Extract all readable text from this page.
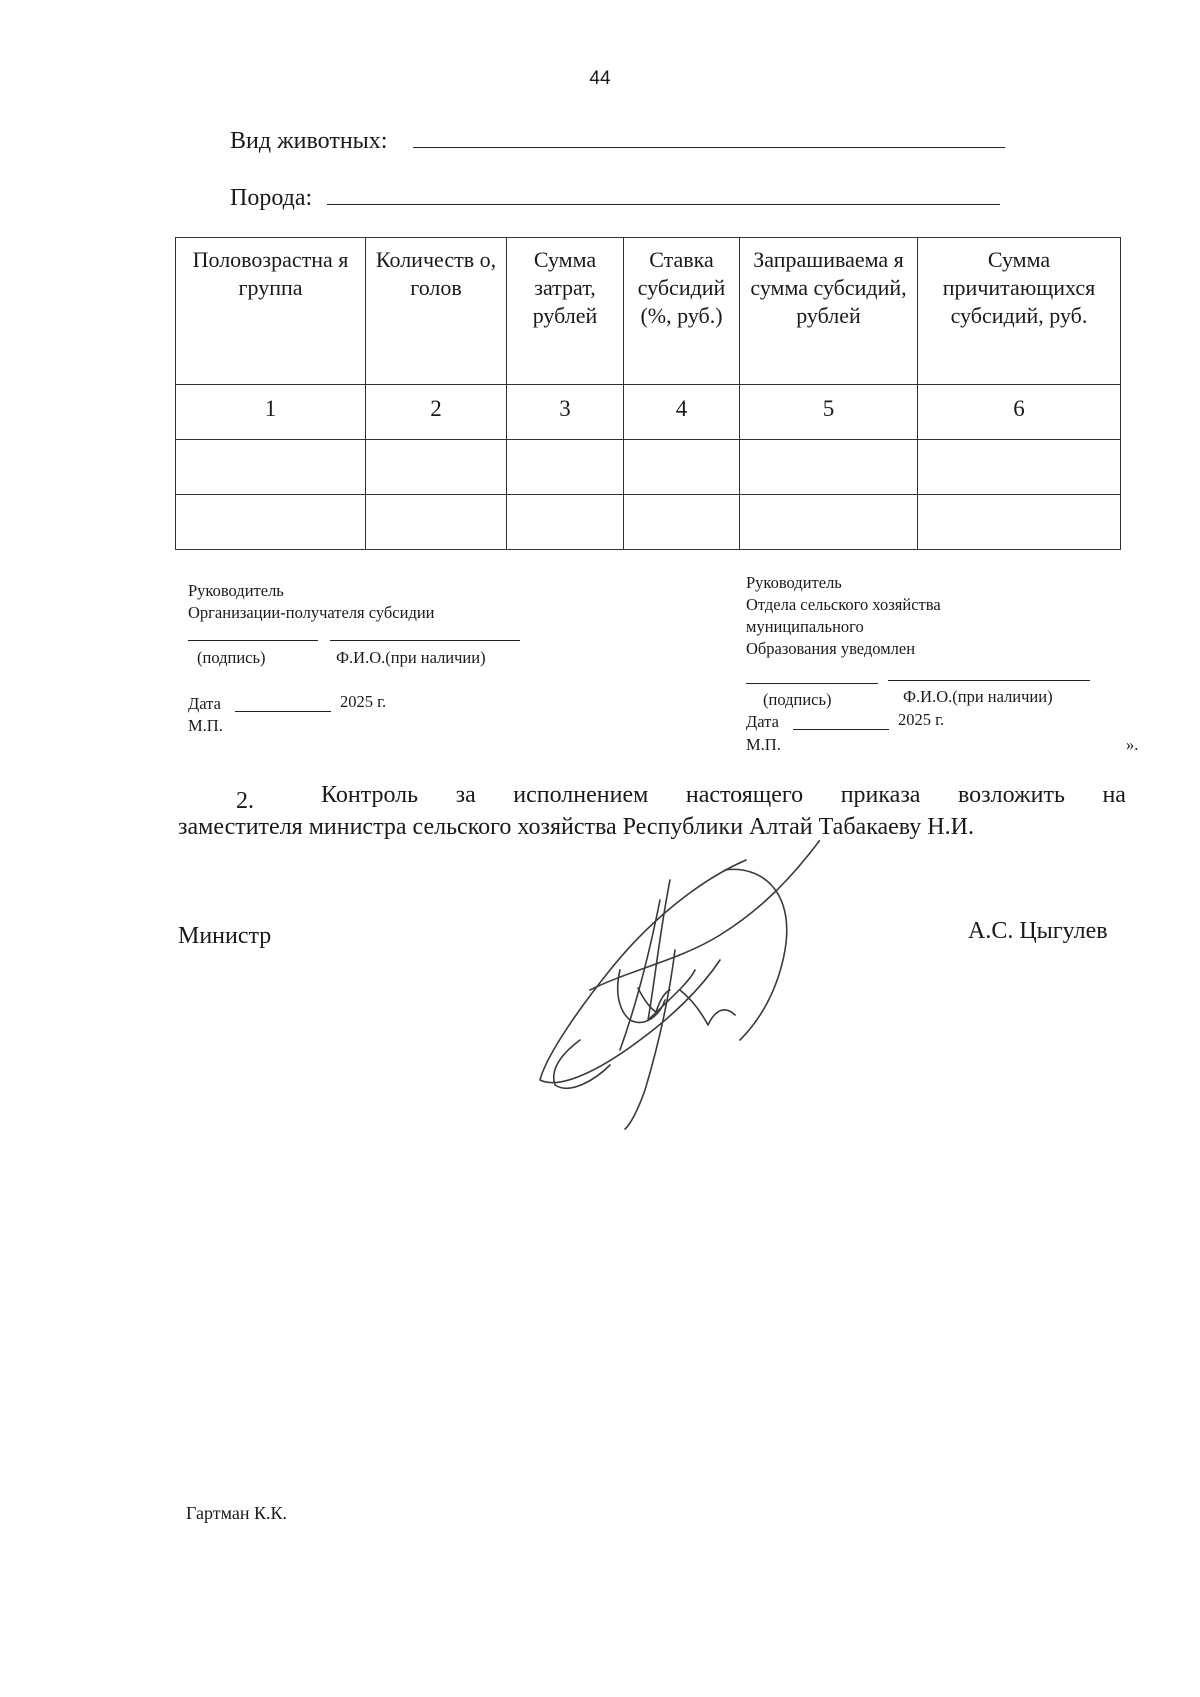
44
Вид животных:
Порода:
Половозрастна я группа	Количеств о, голов	Сумма затрат, рублей	Ставка субсидий (%, руб.)	Запрашиваема я сумма субсидий, рублей	Сумма причитающихся субсидий, руб.
1	2	3	4	5	6

Руководитель
Организации-получателя субсидии
(подпись)	Ф.И.О.(при наличии)
Дата	2025 г.
М.П.
Руководитель
Отдела сельского хозяйства
муниципального
Образования уведомлен
(подпись)	Ф.И.О.(при наличии)
Дата	2025 г.
М.П.	».
2.	Контроль за исполнением настоящего приказа возложить на
заместителя министра сельского хозяйства Республики Алтай Табакаеву Н.И.
Министр	А.С. Цыгулев
Гартман К.К.
